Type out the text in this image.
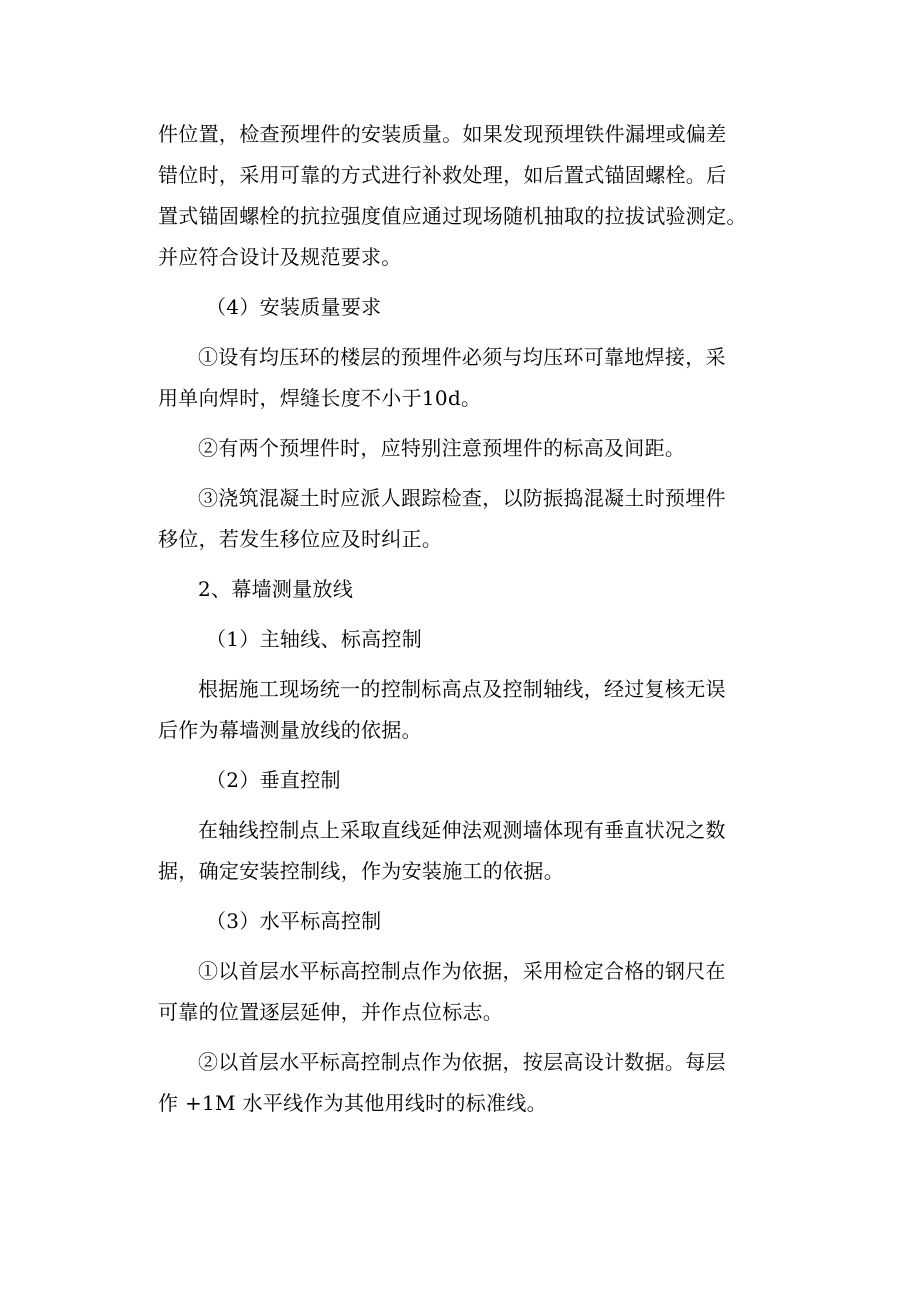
件位置，检查预埋件的安装质量。如果发现预埋铁件漏埋或偏差
错位时，采用可靠的方式进行补救处理，如后置式锚固螺栓。后
置式锚固螺栓的抗拉强度值应通过现场随机抽取的拉拔试验测定。
并应符合设计及规范要求。

（4）安装质量要求

①设有均压环的楼层的预埋件必须与均压环可靠地焊接，采
用单向焊时，焊缝长度不小于10d。

②有两个预埋件时，应特别注意预埋件的标高及间距。

③浇筑混凝土时应派人跟踪检查，以防振捣混凝土时预埋件
移位，若发生移位应及时纠正。

2、幕墙测量放线

（1）主轴线、标高控制

根据施工现场统一的控制标高点及控制轴线，经过复核无误
后作为幕墙测量放线的依据。

（2）垂直控制

在轴线控制点上采取直线延伸法观测墙体现有垂直状况之数
据，确定安装控制线，作为安装施工的依据。

（3）水平标高控制

①以首层水平标高控制点作为依据，采用检定合格的钢尺在
可靠的位置逐层延伸，并作点位标志。

②以首层水平标高控制点作为依据，按层高设计数据。每层
作 +1M 水平线作为其他用线时的标准线。
